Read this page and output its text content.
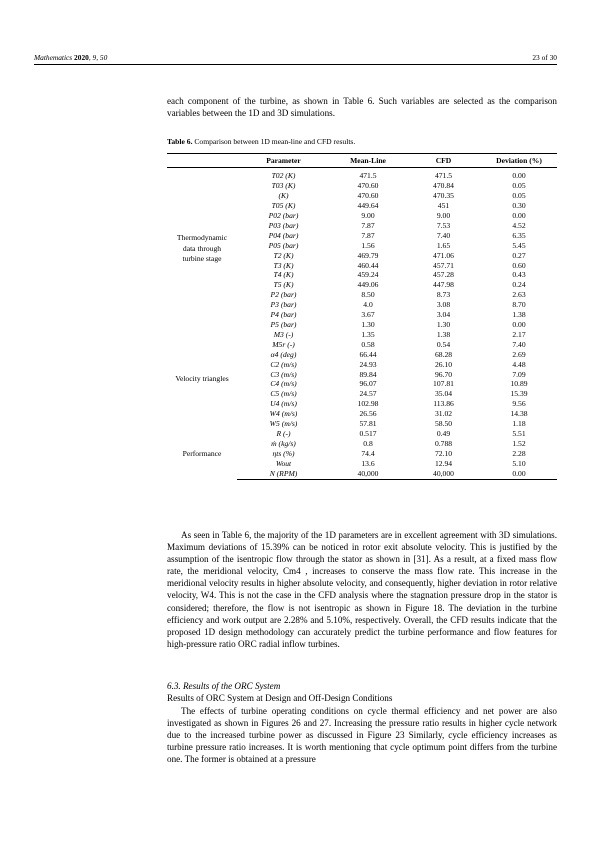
Mathematics 2020, 9, 50	23 of 30
each component of the turbine, as shown in Table 6. Such variables are selected as the comparison variables between the 1D and 3D simulations.
Table 6. Comparison between 1D mean-line and CFD results.
	Parameter	Mean-Line	CFD	Deviation (%)
Thermodynamic data through turbine stage	T02 (K)	471.5	471.5	0.00
	T03 (K)	470.60	470.84	0.05
	(K)	470.60	470.35	0.05
	T05 (K)	449.64	451	0.30
	P02 (bar)	9.00	9.00	0.00
	P03 (bar)	7.87	7.53	4.52
	P04 (bar)	7.87	7.40	6.35
	P05 (bar)	1.56	1.65	5.45
	T2 (K)	469.79	471.06	0.27
	T3 (K)	460.44	457.71	0.60
	T4 (K)	459.24	457.28	0.43
	T5 (K)	449.06	447.98	0.24
	P2 (bar)	8.50	8.73	2.63
	P3 (bar)	4.0	3.08	8.70
	P4 (bar)	3.67	3.04	1.38
	P5 (bar)	1.30	1.30	0.00
Velocity triangles	M3 (-)	1.35	1.38	2.17
	M5r (-)	0.58	0.54	7.40
	α4 (deg)	66.44	68.28	2.69
	C2 (m/s)	24.93	26.10	4.48
	C3 (m/s)	89.84	96.70	7.09
	C4 (m/s)	96.07	107.81	10.89
	C5 (m/s)	24.57	35.04	15.39
	U4 (m/s)	102.98	113.86	9.56
	W4 (m/s)	26.56	31.02	14.38
	W5 (m/s)	57.81	58.50	1.18
Performance	R (-)	0.517	0.49	5.51
	ṁ (kg/s)	0.8	0.788	1.52
	ηts (%)	74.4	72.10	2.28
	Wout	13.6	12.94	5.10
	N (RPM)	40,000	40,000	0.00
As seen in Table 6, the majority of the 1D parameters are in excellent agreement with 3D simulations. Maximum deviations of 15.39% can be noticed in rotor exit absolute velocity. This is justified by the assumption of the isentropic flow through the stator as shown in [31]. As a result, at a fixed mass flow rate, the meridional velocity, Cm4 , increases to conserve the mass flow rate. This increase in the meridional velocity results in higher absolute velocity, and consequently, higher deviation in rotor relative velocity, W4. This is not the case in the CFD analysis where the stagnation pressure drop in the stator is considered; therefore, the flow is not isentropic as shown in Figure 18. The deviation in the turbine efficiency and work output are 2.28% and 5.10%, respectively. Overall, the CFD results indicate that the proposed 1D design methodology can accurately predict the turbine performance and flow features for high-pressure ratio ORC radial inflow turbines.
6.3. Results of the ORC System
Results of ORC System at Design and Off-Design Conditions
The effects of turbine operating conditions on cycle thermal efficiency and net power are also investigated as shown in Figures 26 and 27. Increasing the pressure ratio results in higher cycle network due to the increased turbine power as discussed in Figure 23 Similarly, cycle efficiency increases as turbine pressure ratio increases. It is worth mentioning that cycle optimum point differs from the turbine one. The former is obtained at a pressure
